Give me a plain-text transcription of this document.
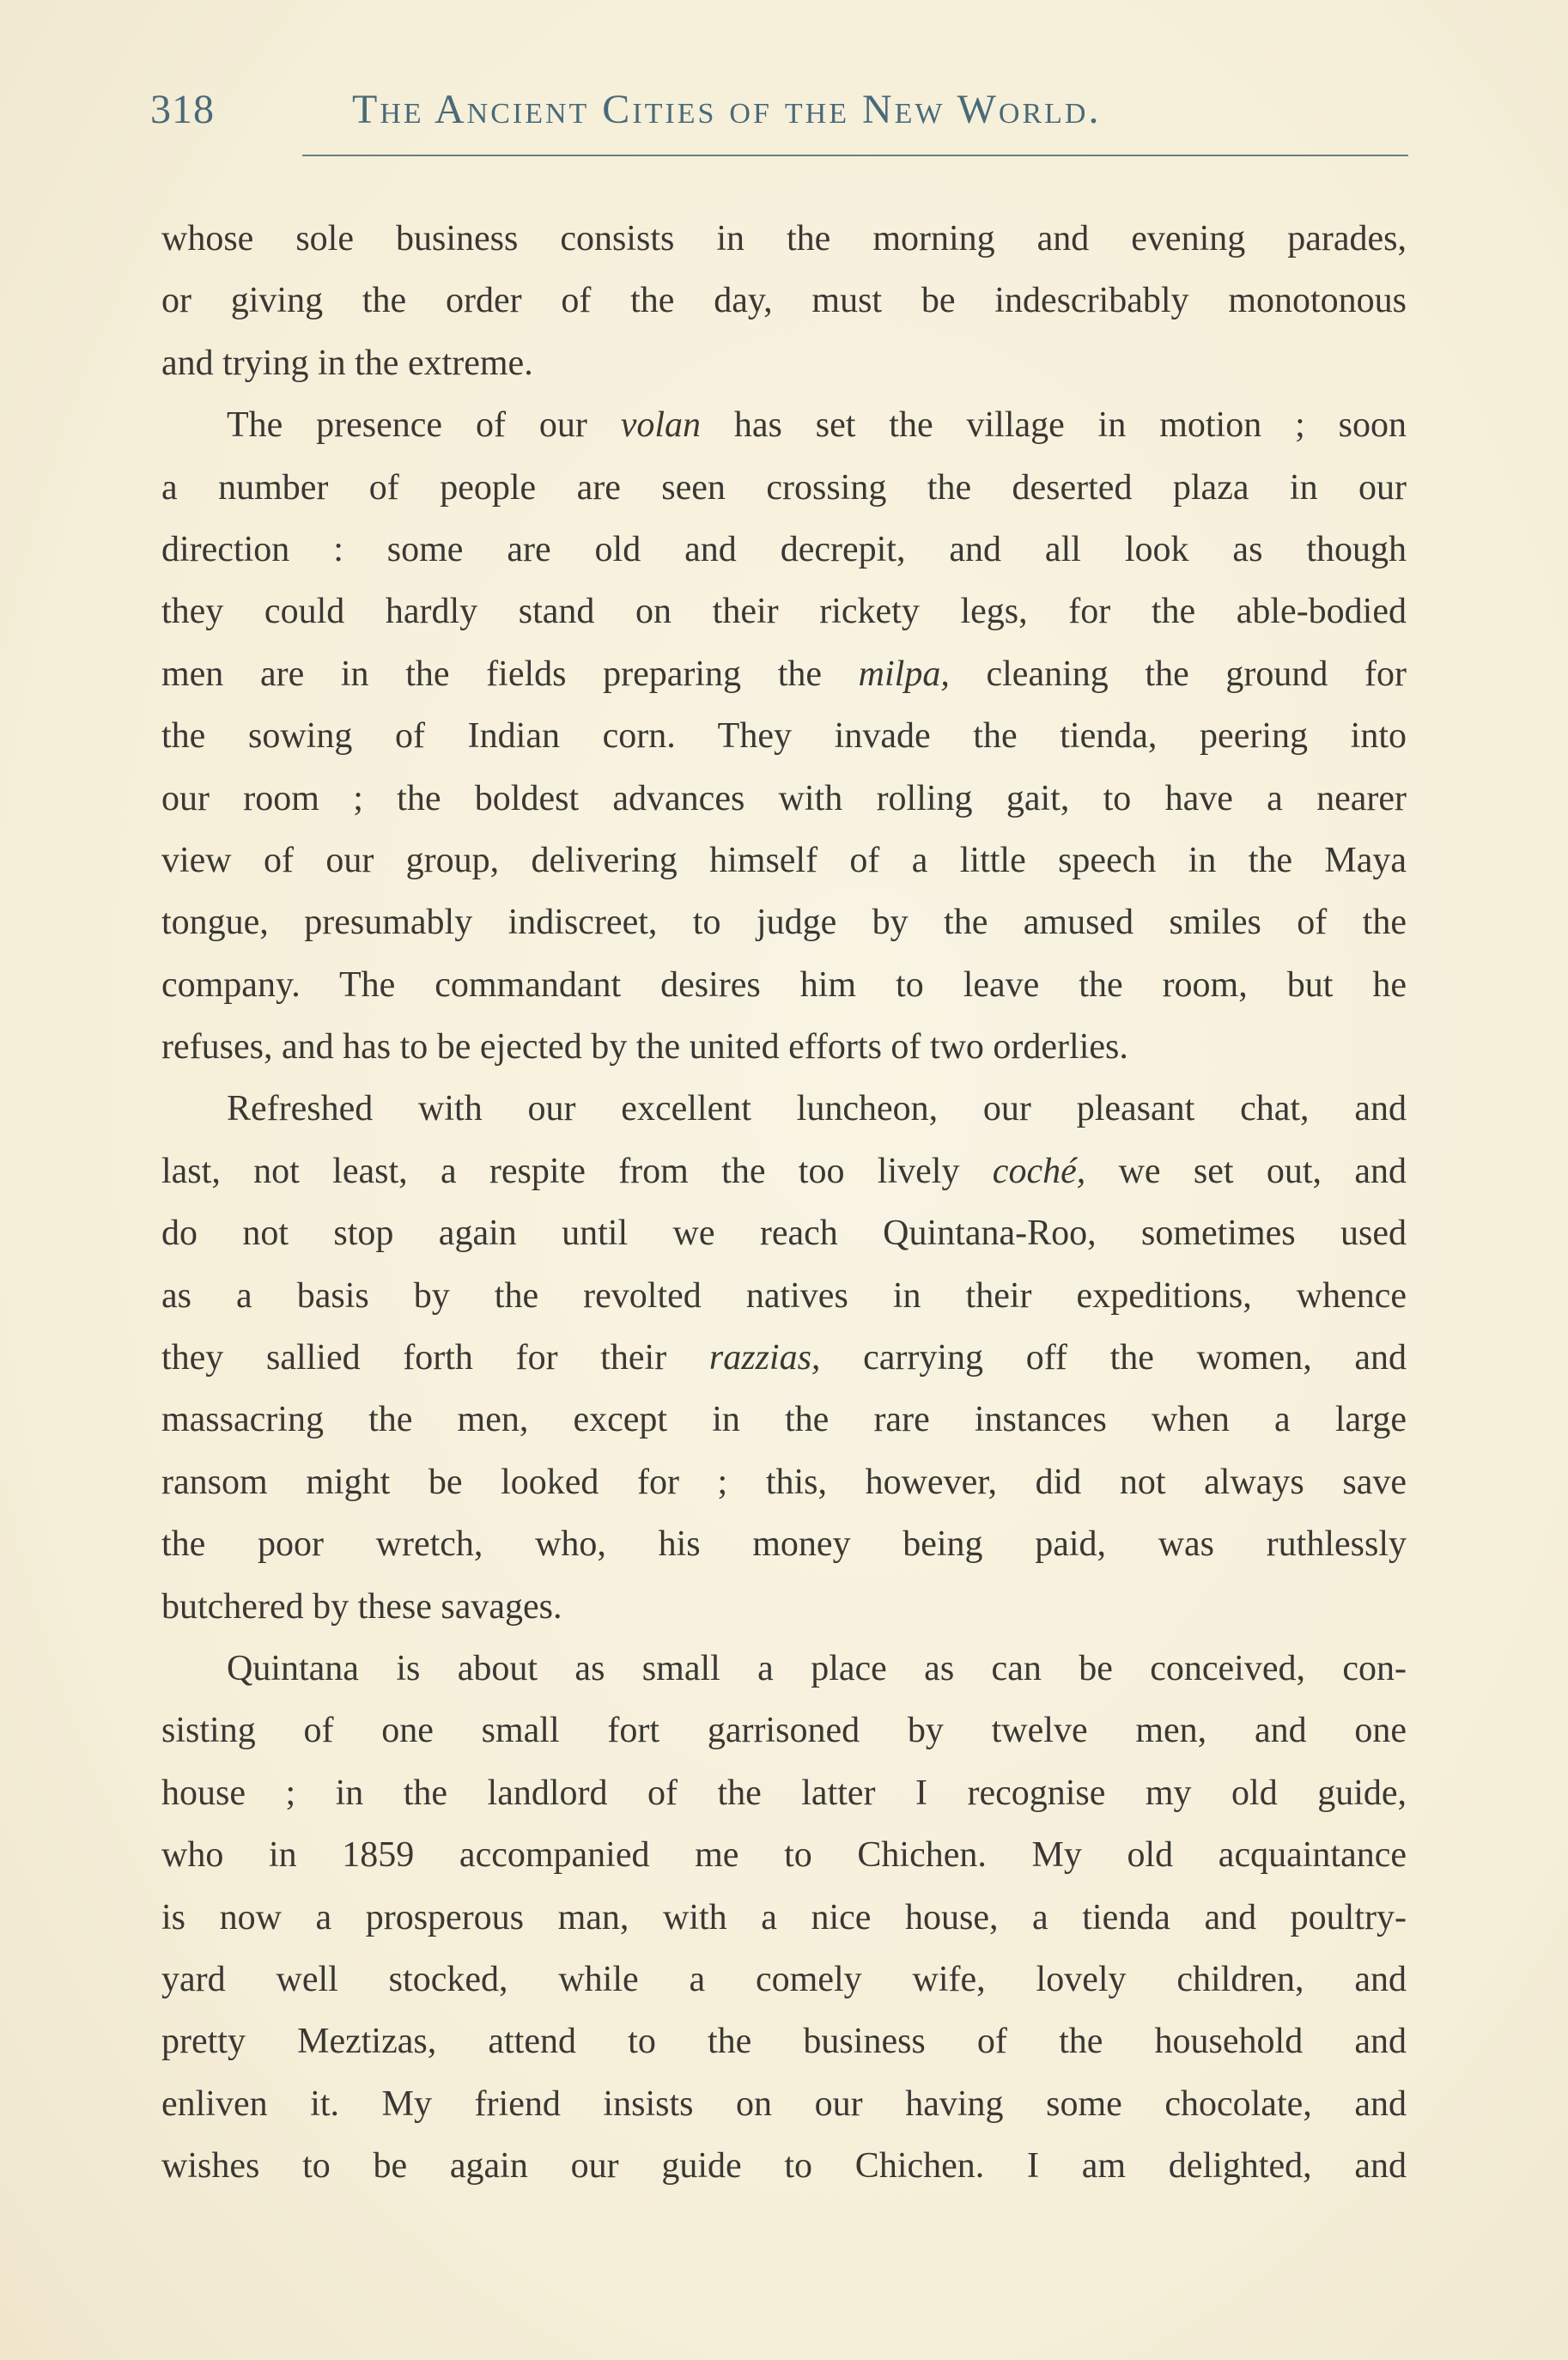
318	The Ancient Cities of the New World.
whose sole business consists in the morning and evening parades,
or giving the order of the day, must be indescribably monotonous
and trying in the extreme.
The presence of our volan has set the village in motion ; soon
a number of people are seen crossing the deserted plaza in our
direction : some are old and decrepit, and all look as though
they could hardly stand on their rickety legs, for the able-bodied
men are in the fields preparing the milpa, cleaning the ground for
the sowing of Indian corn. They invade the tienda, peering into
our room ; the boldest advances with rolling gait, to have a nearer
view of our group, delivering himself of a little speech in the Maya
tongue, presumably indiscreet, to judge by the amused smiles of the
company. The commandant desires him to leave the room, but he
refuses, and has to be ejected by the united efforts of two orderlies.
Refreshed with our excellent luncheon, our pleasant chat, and
last, not least, a respite from the too lively coché, we set out, and
do not stop again until we reach Quintana-Roo, sometimes used
as a basis by the revolted natives in their expeditions, whence
they sallied forth for their razzias, carrying off the women, and
massacring the men, except in the rare instances when a large
ransom might be looked for ; this, however, did not always save
the poor wretch, who, his money being paid, was ruthlessly
butchered by these savages.
Quintana is about as small a place as can be conceived, con-
sisting of one small fort garrisoned by twelve men, and one
house ; in the landlord of the latter I recognise my old guide,
who in 1859 accompanied me to Chichen. My old acquaintance
is now a prosperous man, with a nice house, a tienda and poultry-
yard well stocked, while a comely wife, lovely children, and
pretty Meztizas, attend to the business of the household and
enliven it. My friend insists on our having some chocolate, and
wishes to be again our guide to Chichen. I am delighted, and
